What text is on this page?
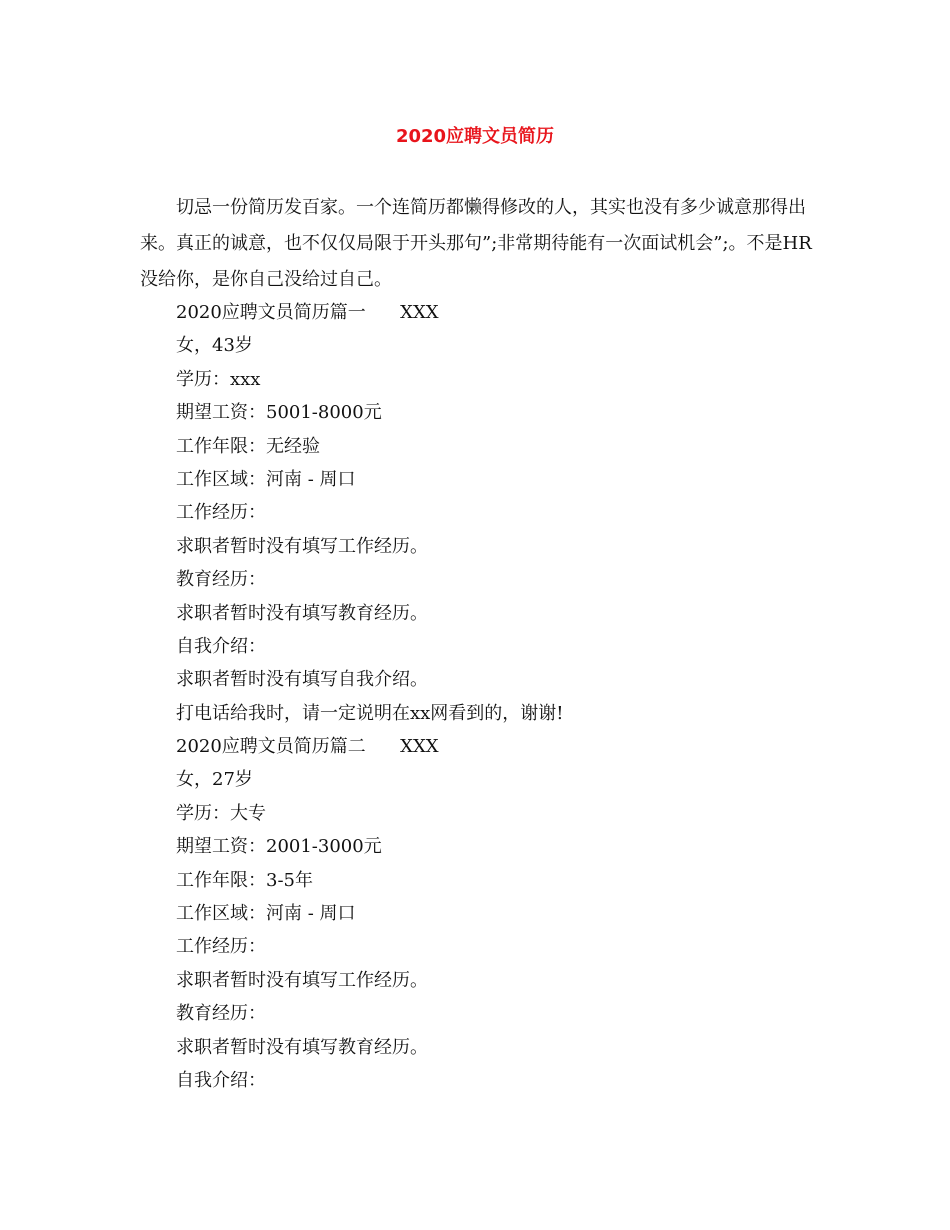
2020应聘文员简历

切忌一份简历发百家。一个连简历都懒得修改的人，其实也没有多少诚意那得出来。真正的诚意，也不仅仅局限于开头那句”;非常期待能有一次面试机会”;。不是HR没给你，是你自己没给过自己。

2020应聘文员简历篇一      XXX
女，43岁
学历：xxx
期望工资：5001-8000元
工作年限：无经验
工作区域：河南 - 周口
工作经历：
求职者暂时没有填写工作经历。
教育经历：
求职者暂时没有填写教育经历。
自我介绍：
求职者暂时没有填写自我介绍。
打电话给我时，请一定说明在xx网看到的，谢谢!
2020应聘文员简历篇二      XXX
女，27岁
学历：大专
期望工资：2001-3000元
工作年限：3-5年
工作区域：河南 - 周口
工作经历：
求职者暂时没有填写工作经历。
教育经历：
求职者暂时没有填写教育经历。
自我介绍：
